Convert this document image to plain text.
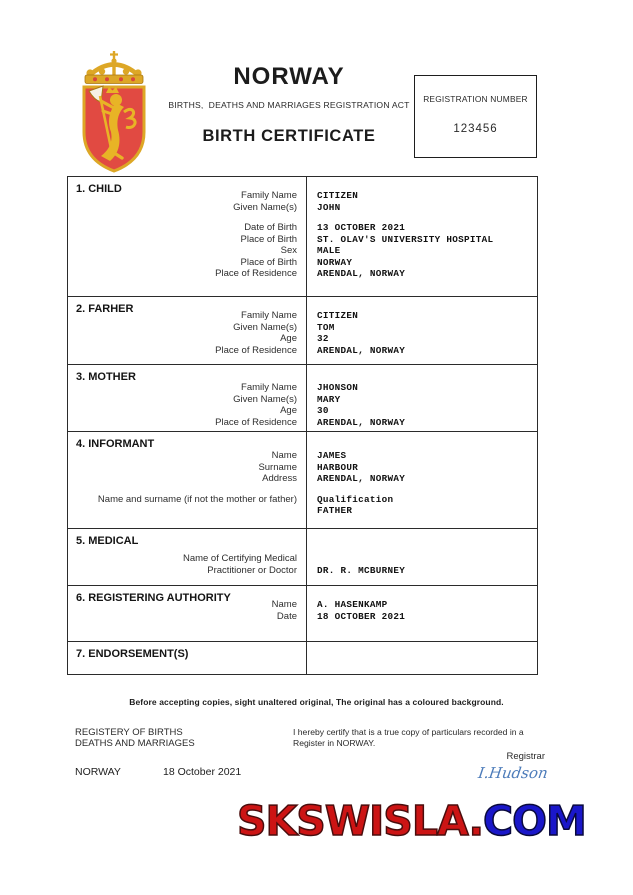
NORWAY
BIRTHS,  DEATHS AND MARRIAGES REGISTRATION ACT
BIRTH CERTIFICATE
REGISTRATION NUMBER
123456
1. CHILD
Family Name
Given Name(s)
Date of Birth
Place of Birth
Sex
Place of Birth
Place of Residence
CITIZEN
JOHN
13 OCTOBER 2021
ST. OLAV'S UNIVERSITY HOSPITAL
MALE
NORWAY
ARENDAL, NORWAY
2. FARHER
Family Name
Given Name(s)
Age
Place of Residence
CITIZEN
TOM
32
ARENDAL, NORWAY
3. MOTHER
Family Name
Given Name(s)
Age
Place of Residence
JHONSON
MARY
30
ARENDAL, NORWAY
4. INFORMANT
Name
Surname
Address
Name and surname (if not the mother or father)
JAMES
HARBOUR
ARENDAL, NORWAY
Qualification
FATHER
5. MEDICAL
Name of Certifying Medical
Practitioner or Doctor DR. R. MCBURNEY
6. REGISTERING AUTHORITY
Name
Date
A. HASENKAMP
18 OCTOBER 2021
7. ENDORSEMENT(S)
Before accepting copies, sight unaltered original, The original has a coloured background.
REGISTERY OF BIRTHS
DEATHS AND MARRIAGES
I hereby certify that is a true copy of particulars recorded in a
Register in NORWAY.
Registrar
NORWAY	18 October 2021	I.Hudson
SKSWISLA.COM
